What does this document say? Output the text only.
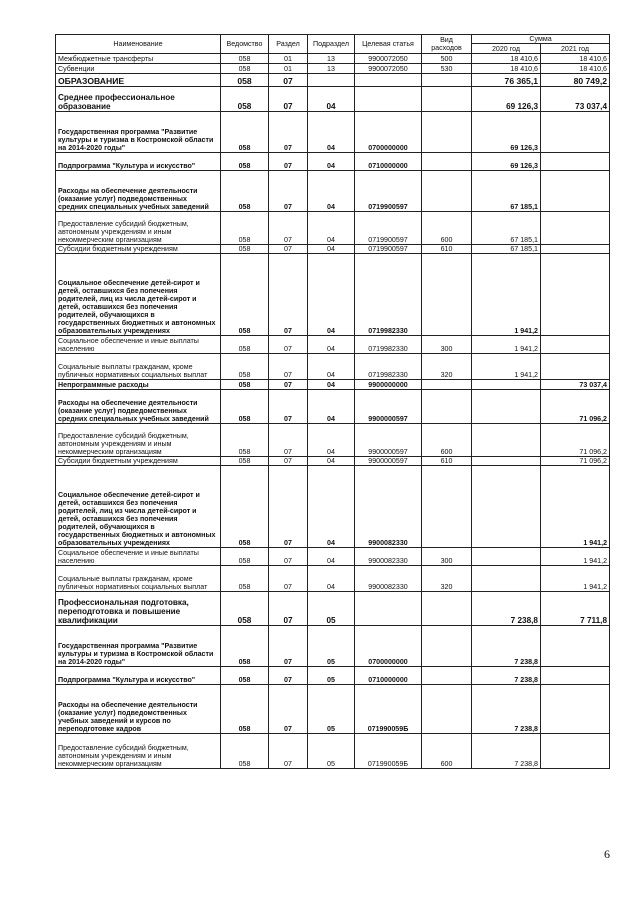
Наименование	Ведомство	Раздел	Подраздел	Целевая статья	Вид расходов	Сумма	
						2020 год	2021 год
Межбюджетные трансферты	058	01	13	9900072050	500	18 410,6	18 410,6
Субвенции	058	01	13	9900072050	530	18 410,6	18 410,6
ОБРАЗОВАНИЕ	058	07				76 365,1	80 749,2
Среднее профессиональное образование	058	07	04			69 126,3	73 037,4
Государственная программа "Развитие культуры и туризма в Костромской области на 2014-2020 годы"	058	07	04	0700000000		69 126,3	
Подпрограмма "Культура и искусство"	058	07	04	0710000000		69 126,3	
Расходы на обеспечение деятельности (оказание услуг) подведомственных средних специальных учебных заведений	058	07	04	0719900597		67 185,1	
Предоставление субсидий бюджетным, автономным учреждениям и иным некоммерческим организациям	058	07	04	0719900597	600	67 185,1	
Субсидии бюджетным учреждениям	058	07	04	0719900597	610	67 185,1	
Социальное обеспечение детей-сирот и детей, оставшихся без попечения родителей, лиц из числа детей-сирот и детей, оставшихся без попечения родителей, обучающихся в государственных бюджетных и автономных образовательных учреждениях	058	07	04	0719982330		1 941,2	
Социальное обеспечение и иные выплаты населению	058	07	04	0719982330	300	1 941,2	
Социальные выплаты гражданам, кроме публичных нормативных социальных выплат	058	07	04	0719982330	320	1 941,2	
Непрограммные расходы	058	07	04	9900000000			73 037,4
Расходы на обеспечение деятельности (оказание услуг) подведомственных средних специальных учебных заведений	058	07	04	9900000597			71 096,2
Предоставление субсидий бюджетным, автономным учреждениям и иным некоммерческим организациям	058	07	04	9900000597	600		71 096,2
Субсидии бюджетным учреждениям	058	07	04	9900000597	610		71 096,2
Социальное обеспечение детей-сирот и детей, оставшихся без попечения родителей, лиц из числа детей-сирот и детей, оставшихся без попечения родителей, обучающихся в государственных бюджетных и автономных образовательных учреждениях	058	07	04	9900082330			1 941,2
Социальное обеспечение и иные выплаты населению	058	07	04	9900082330	300		1 941,2
Социальные выплаты гражданам, кроме публичных нормативных социальных выплат	058	07	04	9900082330	320		1 941,2
Профессиональная подготовка, переподготовка и повышение квалификации	058	07	05			7 238,8	7 711,8
Государственная программа "Развитие культуры и туризма в Костромской области на 2014-2020 годы"	058	07	05	0700000000		7 238,8	
Подпрограмма "Культура и искусство"	058	07	05	0710000000		7 238,8	
Расходы на обеспечение деятельности (оказание услуг) подведомственных учебных заведений и курсов по переподготовке кадров	058	07	05	071990059Б		7 238,8	
Предоставление субсидий бюджетным, автономным учреждениям и иным некоммерческим организациям	058	07	05	071990059Б	600	7 238,8	
6
